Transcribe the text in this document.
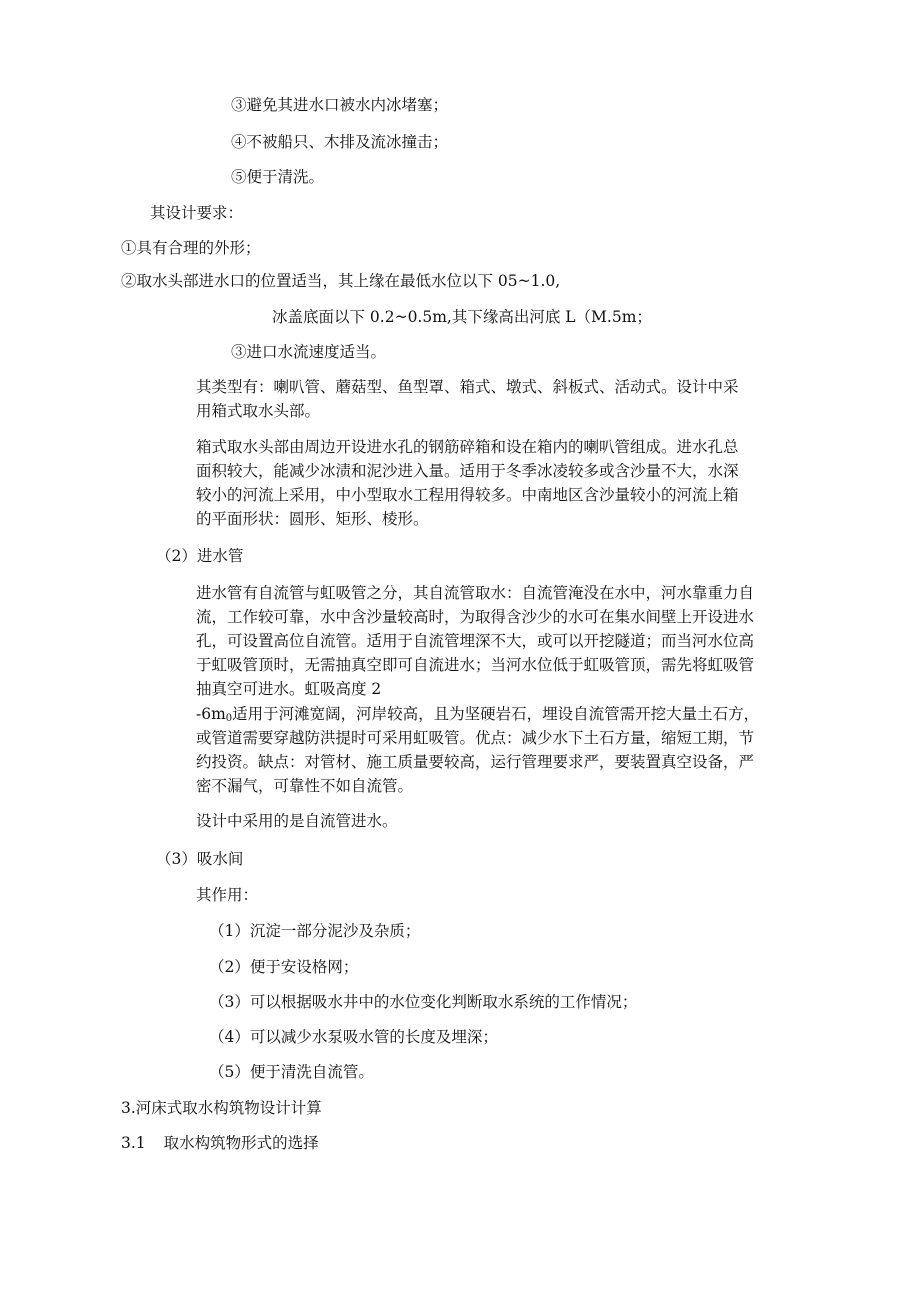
③避免其进水口被水内冰堵塞；
④不被船只、木排及流冰撞击；
⑤便于清洗。
其设计要求：
①具有合理的外形；
②取水头部进水口的位置适当，其上缘在最低水位以下 05~1.0,
冰盖底面以下 0.2~0.5m,其下缘高出河底 L（M.5m；
③进口水流速度适当。
其类型有：喇叭管、蘑菇型、鱼型罩、箱式、墩式、斜板式、活动式。设计中采
用箱式取水头部。
箱式取水头部由周边开设进水孔的钢筋碎箱和设在箱内的喇叭管组成。进水孔总
面积较大，能减少冰渍和泥沙进入量。适用于冬季冰凌较多或含沙量不大，水深
较小的河流上采用，中小型取水工程用得较多。中南地区含沙量较小的河流上箱
的平面形状：圆形、矩形、棱形。
（2）进水管
进水管有自流管与虹吸管之分，其自流管取水：自流管淹没在水中，河水靠重力自
流，工作较可靠，水中含沙量较高时，为取得含沙少的水可在集水间壁上开设进水
孔，可设置高位自流管。适用于自流管埋深不大，或可以开挖隧道；而当河水位高
于虹吸管顶时，无需抽真空即可自流进水；当河水位低于虹吸管顶，需先将虹吸管
抽真空可进水。虹吸高度 2
$-6m_0$适用于河滩宽阔，河岸较高，且为坚硬岩石，埋设自流管需开挖大量土石方，
或管道需要穿越防洪提时可采用虹吸管。优点：减少水下土石方量，缩短工期，节
约投资。缺点：对管材、施工质量要较高，运行管理要求严，要装置真空设备，严
密不漏气，可靠性不如自流管。
设计中采用的是自流管进水。
（3）吸水间
其作用：
（1）沉淀一部分泥沙及杂质；
（2）便于安设格网；
（3）可以根据吸水井中的水位变化判断取水系统的工作情况；
（4）可以减少水泵吸水管的长度及埋深；
（5）便于清洗自流管。
3.河床式取水构筑物设计计算
3.1 取水构筑物形式的选择
